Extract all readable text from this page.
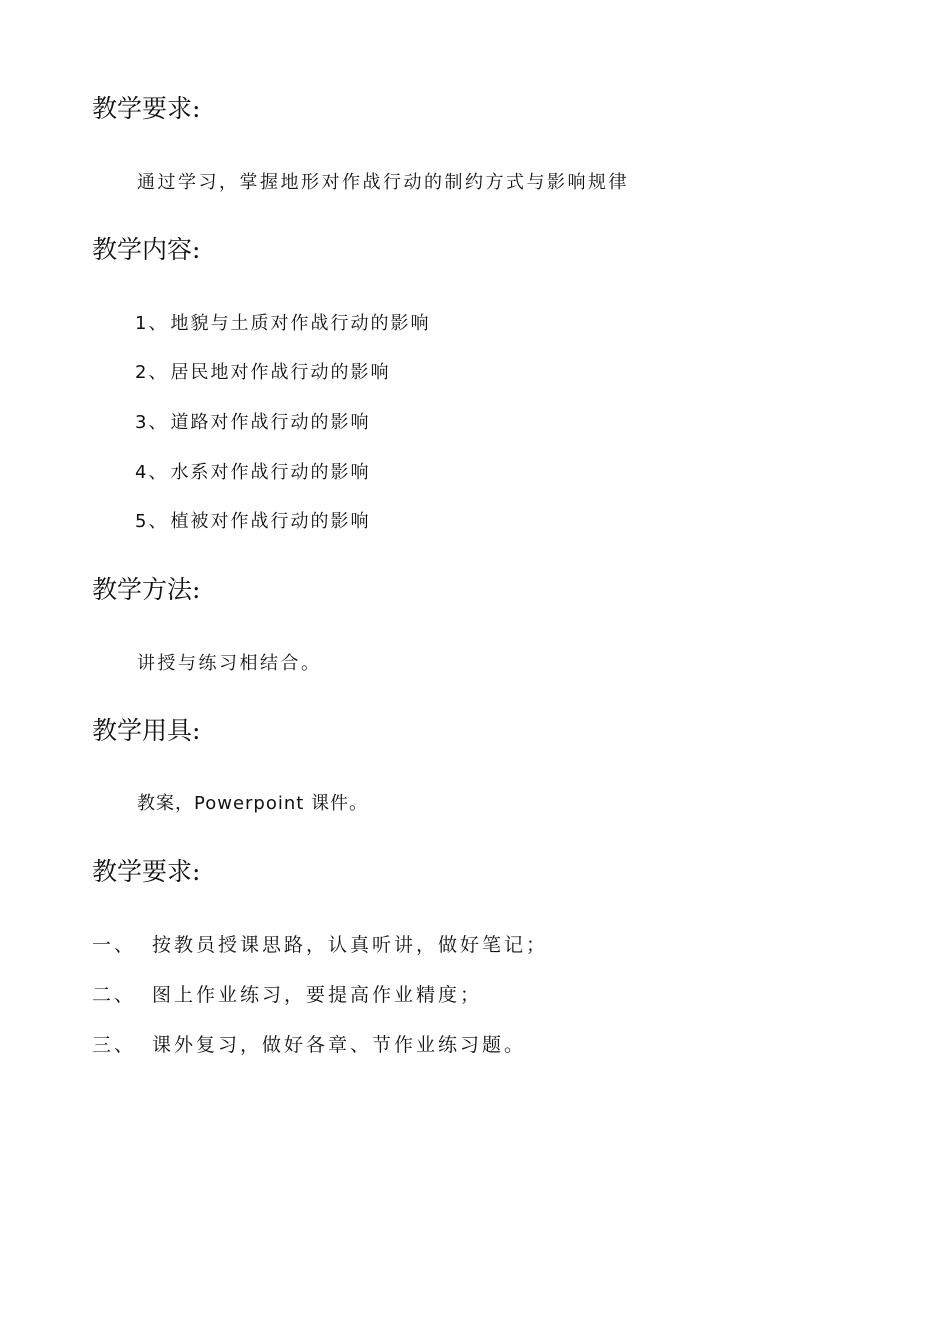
教学要求:
通过学习，掌握地形对作战行动的制约方式与影响规律
教学内容:
1、 地貌与土质对作战行动的影响
2、 居民地对作战行动的影响
3、 道路对作战行动的影响
4、 水系对作战行动的影响
5、 植被对作战行动的影响
教学方法:
讲授与练习相结合。
教学用具:
教案，Powerpoint 课件。
教学要求:
一、 按教员授课思路，认真听讲，做好笔记；
二、 图上作业练习，要提高作业精度；
三、 课外复习，做好各章、节作业练习题。
